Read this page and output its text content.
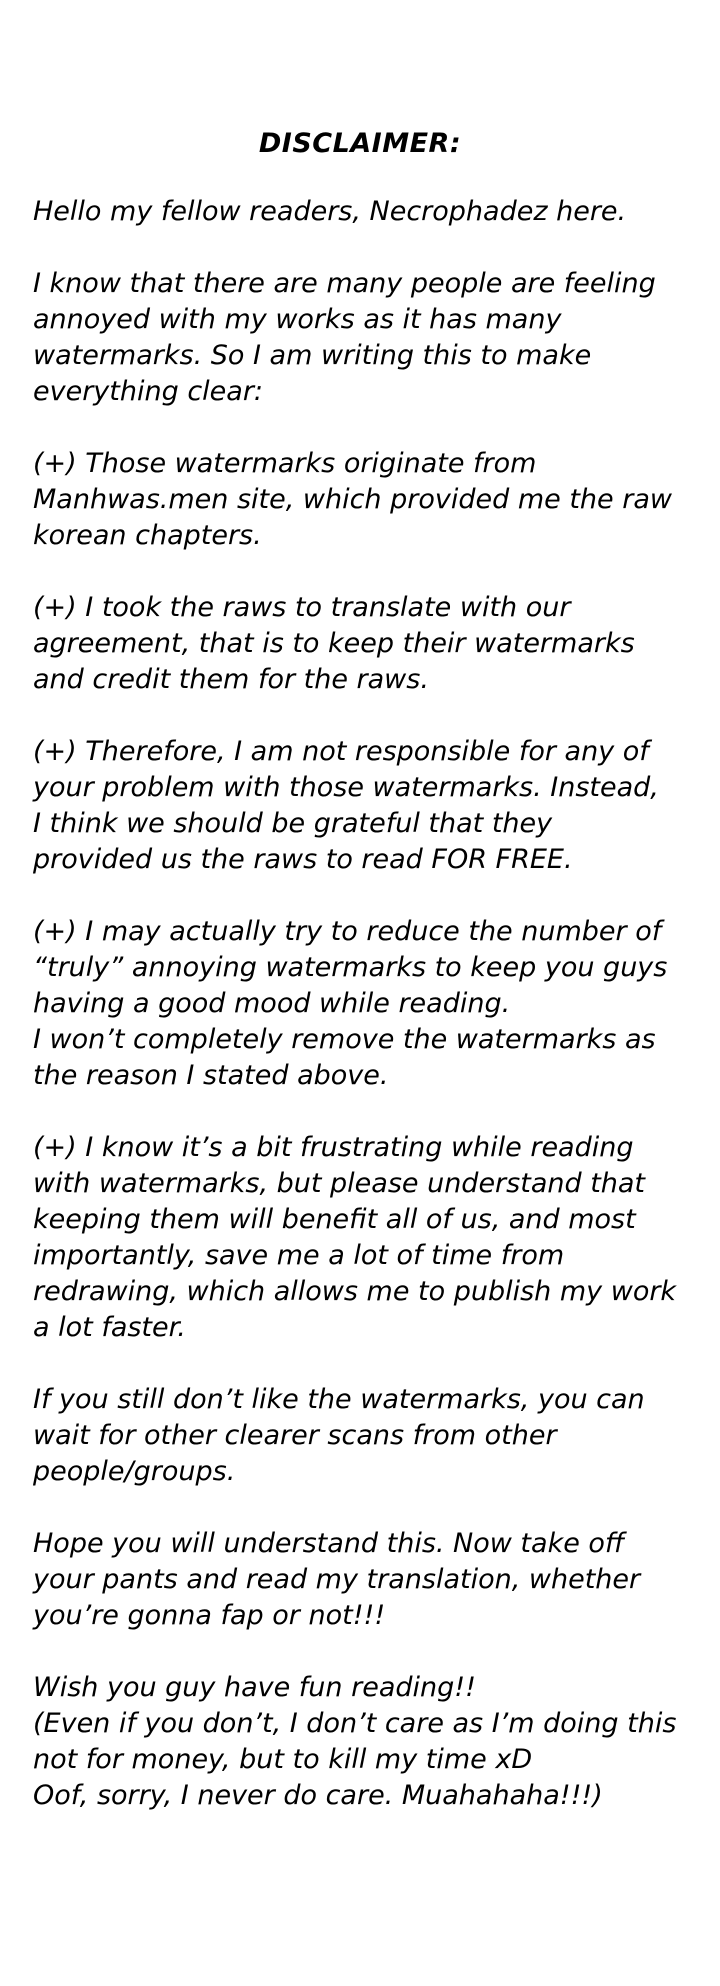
DISCLAIMER:
Hello my fellow readers, Necrophadez here.
I know that there are many people are feeling
annoyed with my works as it has many
watermarks. So I am writing this to make
everything clear:
(+) Those watermarks originate from
Manhwas.men site, which provided me the raw
korean chapters.
(+) I took the raws to translate with our
agreement, that is to keep their watermarks
and credit them for the raws.
(+) Therefore, I am not responsible for any of
your problem with those watermarks. Instead,
I think we should be grateful that they
provided us the raws to read FOR FREE.
(+) I may actually try to reduce the number of
“truly” annoying watermarks to keep you guys
having a good mood while reading.
I won’t completely remove the watermarks as
the reason I stated above.
(+) I know it’s a bit frustrating while reading
with watermarks, but please understand that
keeping them will benefit all of us, and most
importantly, save me a lot of time from
redrawing, which allows me to publish my work
a lot faster.
If you still don’t like the watermarks, you can
wait for other clearer scans from other
people/groups.
Hope you will understand this. Now take off
your pants and read my translation, whether
you’re gonna fap or not!!!
Wish you guy have fun reading!!
(Even if you don’t, I don’t care as I’m doing this
not for money, but to kill my time xD
Oof, sorry, I never do care. Muahahaha!!!)
